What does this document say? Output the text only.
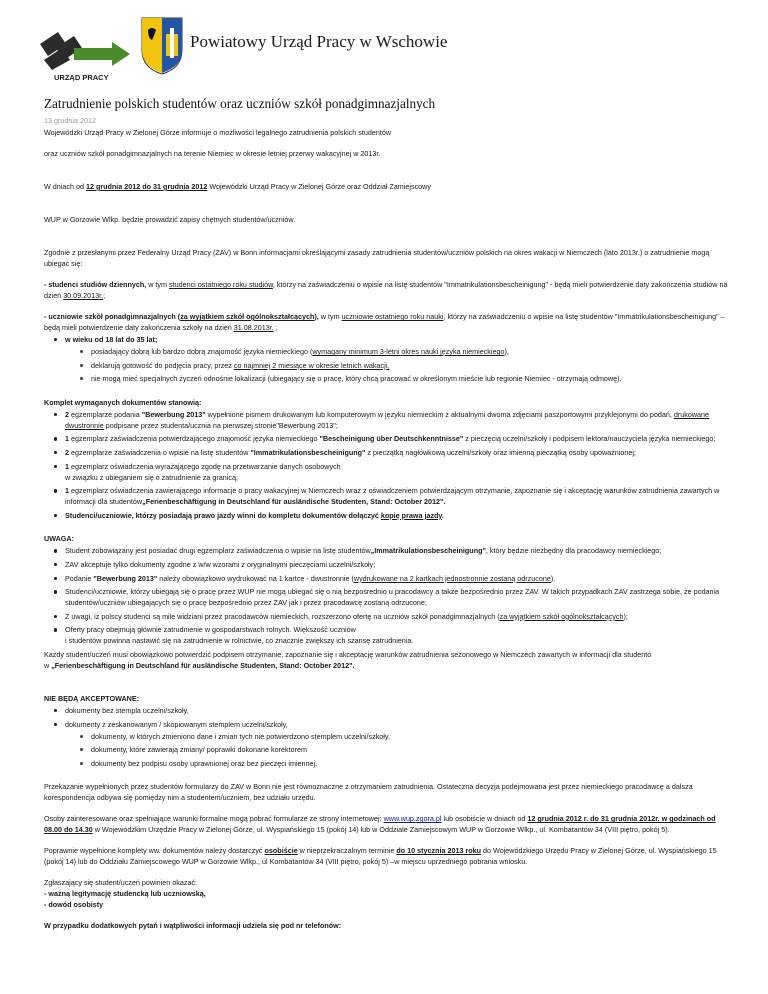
URZĄD PRACY
Powiatowy Urząd Pracy w Wschowie
Zatrudnienie polskich studentów oraz uczniów szkół ponadgimnazjalnych
13 grudnia 2012

Wojewódzki Urząd Pracy w Zielonej Górze informuje o możliwości legalnego zatrudnienia polskich studentów

oraz uczniów szkół ponadgimnazjalnych na terenie Niemiec w okresie letniej przerwy wakacyjnej w 2013r.

W dniach od 12 grudnia 2012 do 31 grudnia 2012 Wojewódzki Urząd Pracy w Zielonej Górze oraz Oddział Zamiejscowy

WUP w Gorzowie Wlkp. będzie prowadzić zapisy chętnych studentów/uczniów.

Zgodnie z przesłanymi przez Federalny Urząd Pracy (ZAV) w Bonn informacjami określającymi zasady zatrudnienia studentów/uczniów polskich na okres wakacji w Niemczech (lato 2013r.) o zatrudnienie mogą ubiegać się:

- studenci studiów dziennych, w tym studenci ostatniego roku studiów, którzy na zaświadczeniu o wpisie na listę studentów "Immatrikulationsbescheinigung" - będą mieli potwierdzenie daty zakończenia studiów na dzień 30.09.2013r.;

- uczniowie szkół ponadgimnazjalnych (za wyjątkiem szkół ogólnokształcących), w tym uczniowie ostatniego roku nauki, którzy na zaświadczeniu o wpisie na listę studentów "Immatrikulationsbescheinigung" – będą mieli potwierdzenie daty zakończenia szkoły na dzień 31.08.2013r. ;

w wieku od 18 lat do 35 lat;
posiadający dobrą lub bardzo dobrą znajomość języka niemieckiego (wymagany minimum 3-letni okres nauki języka niemieckiego),
deklarują gotowość do podjęcia pracy, przez co najmniej 2 miesiące w okresie letnich wakacji,
nie mogą mieć specjalnych życzeń odnośnie lokalizacji (ubiegający się o pracę, który chcą pracować w określonym mieście lub regionie Niemiec - otrzymają odmowę).

Komplet wymaganych dokumentów stanowią:

2 egzemplarze podania "Bewerbung 2013" wypełnione pismem drukowanym lub komputerowym w języku niemieckim z aktualnymi dwoma zdjęciami paszportowymi przyklejonymi do podań, drukowane dwustronnie podpisane przez studenta/ucznia na pierwszej stronie"Bewerbung 2013";
1 egzemplarz zaświadczenia potwierdzającego znajomość języka niemieckiego "Bescheinigung über Deutschkenntnisse" z pieczęcią uczelni/szkoły i podpisem lektora/nauczyciela języka niemieckiego;
2 egzemplarze zaświadczenia o wpisie na listę studentów "Immatrikulationsbescheinigung" z pieczątką nagłówkową uczelni/szkoły oraz imienną pieczątką osoby upoważnionej;
1 egzemplarz oświadczenia wyrażającego zgodę na przetwarzanie danych osobowych
w związku z ubieganiem się o zatrudnienie za granicą;
1 egzemplarz oświadczenia zawierającego informacje o pracy wakacyjnej w Niemczech wraz z oświadczeniem potwierdzającym otrzymanie, zapoznanie się i akceptację warunków zatrudnienia zawartych w informacji dla studentów„Ferienbeschäftigung in Deutschland für ausländische Studenten, Stand: October 2012".
Studenci/uczniowie, którzy posiadają prawo jazdy winni do kompletu dokumentów dołączyć kopię prawa jazdy.

UWAGA:

Student zobowiązany jest posiadać drugi egzemplarz zaświadczenia o wpisie na listę studentów„Immatrikulationsbescheinigung", który będzie niezbędny dla pracodawcy niemieckiego;
ZAV akceptuje tylko dokumenty zgodne z w/w wzorami z oryginalnymi pieczęciami uczelni/szkoły;
Podanie "Bewerbung 2013" należy obowiązkowo wydrukować na 1 kartce - dwustronnie (wydrukowane na 2 kartkach jednostronnie zostaną odrzucone).
Studenci/uczniowie, którzy ubiegają się o pracę przez WUP nie mogą ubiegać się o nią bezpośrednio u pracodawcy a także bezpośrednio przez ZAV. W takich przypadkach ZAV zastrzega sobie, że podania studentów/uczniów ubiegających się o pracę bezpośrednio przez ZAV jak i przez pracodawcę zostaną odrzucone;
Z uwagi, iż polscy studenci są mile widziani przez pracodawców niemieckich, rozszerzono ofertę na uczniów szkół ponadgimnazjalnych (za wyjątkiem szkół ogólnokształcących);
Oferty pracy obejmują głównie zatrudnienie w gospodarstwach rolnych. Większość uczniów
i studentów powinna nastawić się na zatrudnienie w rolnictwie, co znacznie zwiększy ich szansę zatrudnienia.

Każdy student/uczeń musi obowiązkowo potwierdzić podpisem otrzymanie, zapoznanie się i akceptację warunków zatrudnienia sezonowego w Niemczech zawartych w informacji dla studentó
w „Ferienbeschäftigung in Deutschland für ausländische Studenten, Stand: October 2012".

NIE BĘDĄ AKCEPTOWANE:

dokumenty bez stempla uczelni/szkoły,
dokumenty z zeskanowanym / skopiowanym stemplem uczelni/szkoły,
dokumenty, w których zmieniono dane i zmian tych nie potwierdzono stemplem uczelni/szkoły,
dokumenty, które zawierają zmiany/ poprawki dokonane korektorem
dokumenty bez podpisu osoby uprawnionej oraz bez pieczęci imiennej.

Przekazanie wypełnionych przez studentów formularzy do ZAV w Bonn nie jest równoznaczne z otrzymaniem zatrudnienia. Ostateczna decyzja podejmowana jest przez niemieckiego pracodawcę a dalsza korespondencja odbywa się pomiędzy nim a studentem/uczniem, bez udziału urzędu.

Osoby zainteresowane oraz spełniające warunki formalne mogą pobrać formularze ze strony internetowej: www.wup.zgora.pl lub osobiście w dniach od 12 grudnia 2012 r. do 31 grudnia 2012r. w godzinach od 08.00 do 14.30 w Wojewódzkim Urzędzie Pracy w Zielonej Górze, ul. Wyspiańskiego 15 (pokój 14) lub w Oddziale Zamiejscowym WUP w Gorzowie Wlkp., ul. Kombatantów 34 (VIII piętro, pokój 5).

Poprawnie wypełnione komplety ww. dokumentów należy dostarczyć osobiście w nieprzekraczalnym terminie do 10 stycznia 2013 roku do Wojewódzkiego Urzędu Pracy w Zielonej Górze, ul. Wyspiańskiego 15 (pokój 14) lub do Oddziału Zamiejscowego WUP w Gorzowie Wlkp., ul Kombatantów 34 (VIII piętro, pokój 5) –w miejscu uprzedniego pobrania wniosku.

Zgłaszający się student/uczeń powinien okazać:

- ważną legitymację studencką lub uczniowską,

- dowód osobisty

W przypadku dodatkowych pytań i wątpliwości informacji udziela się pod nr telefonów:
